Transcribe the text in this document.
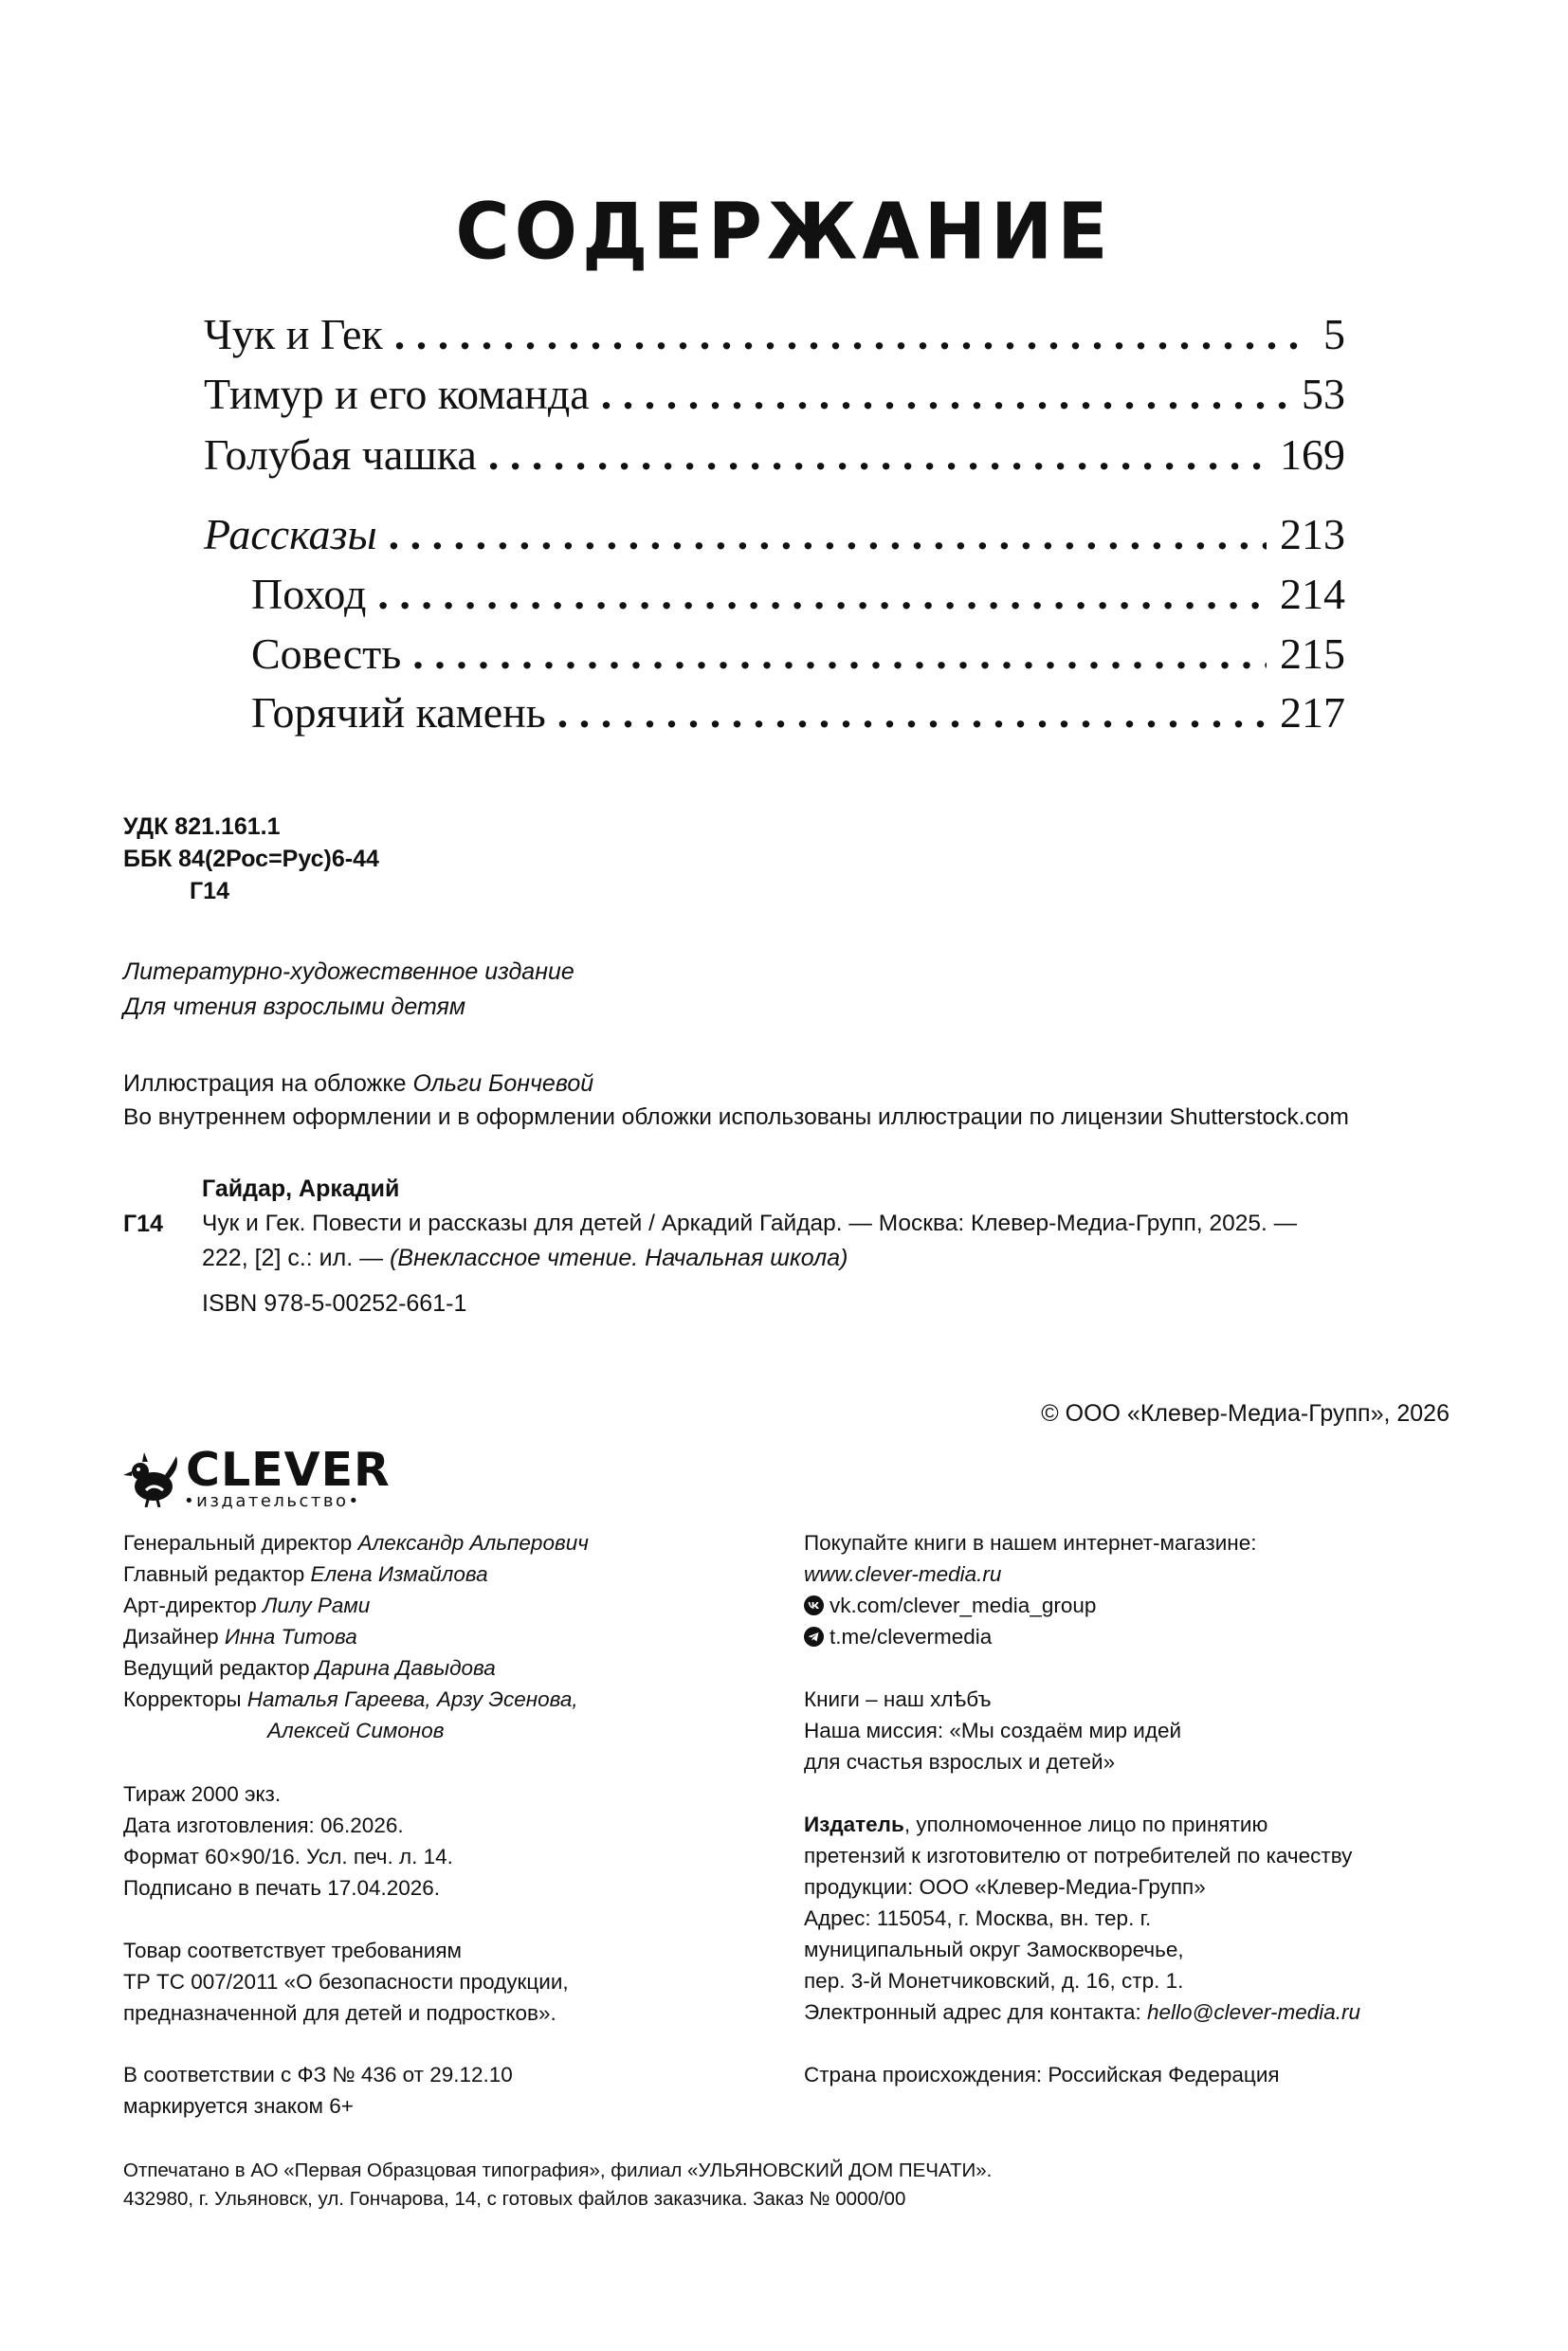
СОДЕРЖАНИЕ
Чук и Гек . . .	5
Тимур и его команда . . .	53
Голубая чашка . . .	169
Рассказы . . .	213
Поход . . .	214
Совесть . . .	215
Горячий камень . . .	217
УДК 821.161.1
ББК 84(2Рос=Рус)6-44
Г14
Литературно-художественное издание
Для чтения взрослыми детям
Иллюстрация на обложке Ольги Бончевой
Во внутреннем оформлении и в оформлении обложки использованы иллюстрации по лицензии Shutterstock.com
Гайдар, Аркадий
Г14 Чук и Гек. Повести и рассказы для детей / Аркадий Гайдар. — Москва: Клевер-Медиа-Групп, 2025. —
222, [2] с.: ил. — (Внеклассное чтение. Начальная школа)
ISBN 978-5-00252-661-1
© ООО «Клевер-Медиа-Групп», 2026
CLEVER
•издательство•
Генеральный директор Александр Альперович
Главный редактор Елена Измайлова
Арт-директор Лилу Рами
Дизайнер Инна Титова
Ведущий редактор Дарина Давыдова
Корректоры Наталья Гареева, Арзу Эсенова,
Алексей Симонов
Тираж 2000 экз.
Дата изготовления: 06.2026.
Формат 60×90/16. Усл. печ. л. 14.
Подписано в печать 17.04.2026.
Товар соответствует требованиям
ТР ТС 007/2011 «О безопасности продукции,
предназначенной для детей и подростков».
В соответствии с ФЗ № 436 от 29.12.10
маркируется знаком 6+
Покупайте книги в нашем интернет-магазине:
www.clever-media.ru
vk.com/clever_media_group
t.me/clevermedia
Книги – наш хлѣбъ
Наша миссия: «Мы создаём мир идей
для счастья взрослых и детей»
Издатель, уполномоченное лицо по принятию
претензий к изготовителю от потребителей по качеству
продукции: ООО «Клевер-Медиа-Групп»
Адрес: 115054, г. Москва, вн. тер. г.
муниципальный округ Замоскворечье,
пер. 3-й Монетчиковский, д. 16, стр. 1.
Электронный адрес для контакта: hello@clever-media.ru
Страна происхождения: Российская Федерация
Отпечатано в АО «Первая Образцовая типография», филиал «УЛЬЯНОВСКИЙ ДОМ ПЕЧАТИ».
432980, г. Ульяновск, ул. Гончарова, 14, с готовых файлов заказчика. Заказ № 0000/00
